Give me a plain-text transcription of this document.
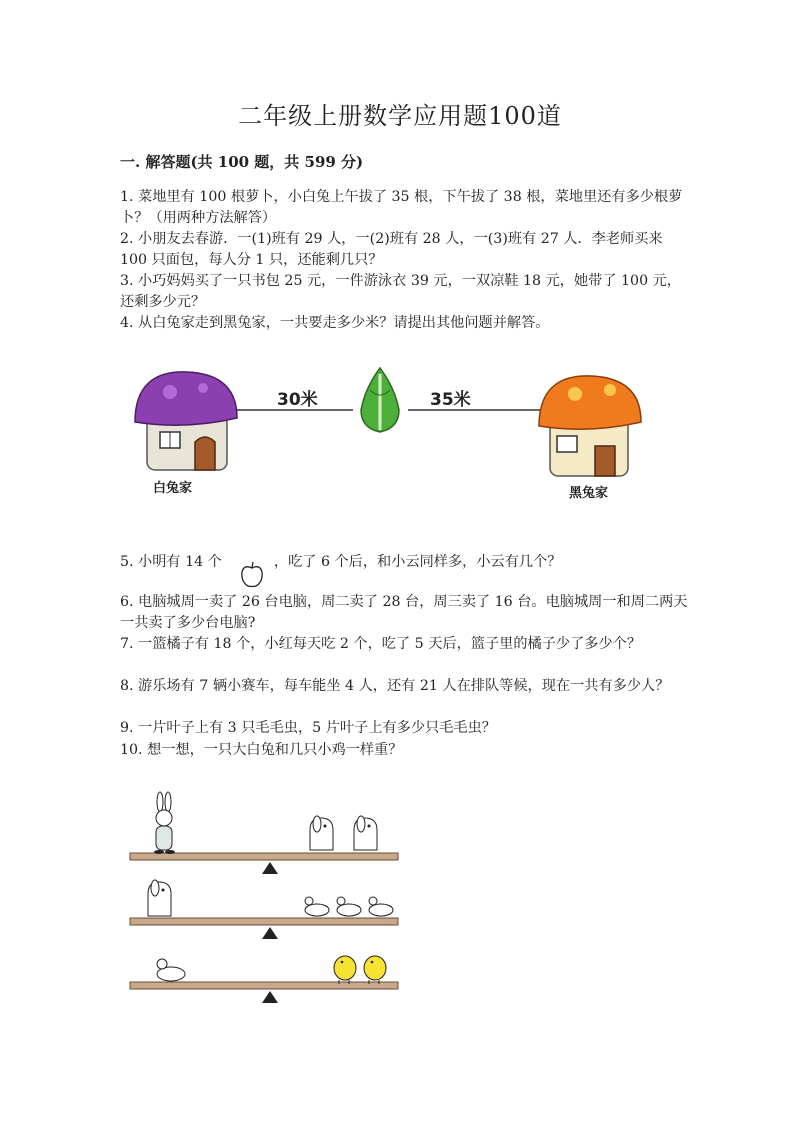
二年级上册数学应用题100道
一. 解答题(共 100 题，共 599 分)
1. 菜地里有 100 根萝卜，小白兔上午拔了 35 根，下午拔了 38 根，菜地里还有多少根萝卜？（用两种方法解答）
2. 小朋友去春游．一(1)班有 29 人，一(2)班有 28 人，一(3)班有 27 人．李老师买来 100 只面包，每人分 1 只，还能剩几只？
3. 小巧妈妈买了一只书包 25 元，一件游泳衣 39 元，一双凉鞋 18 元，她带了 100 元，还剩多少元？
4. 从白兔家走到黑兔家，一共要走多少米？请提出其他问题并解答。
30米	35米
白兔家	黑兔家
5. 小明有 14 个	，吃了 6 个后，和小云同样多，小云有几个？
6. 电脑城周一卖了 26 台电脑，周二卖了 28 台，周三卖了 16 台。电脑城周一和周二两天一共卖了多少台电脑?
7. 一篮橘子有 18 个，小红每天吃 2 个，吃了 5 天后，篮子里的橘子少了多少个？
8. 游乐场有 7 辆小赛车，每车能坐 4 人，还有 21 人在排队等候，现在一共有多少人？
9. 一片叶子上有 3 只毛毛虫，5 片叶子上有多少只毛毛虫？
10. 想一想，一只大白兔和几只小鸡一样重？
